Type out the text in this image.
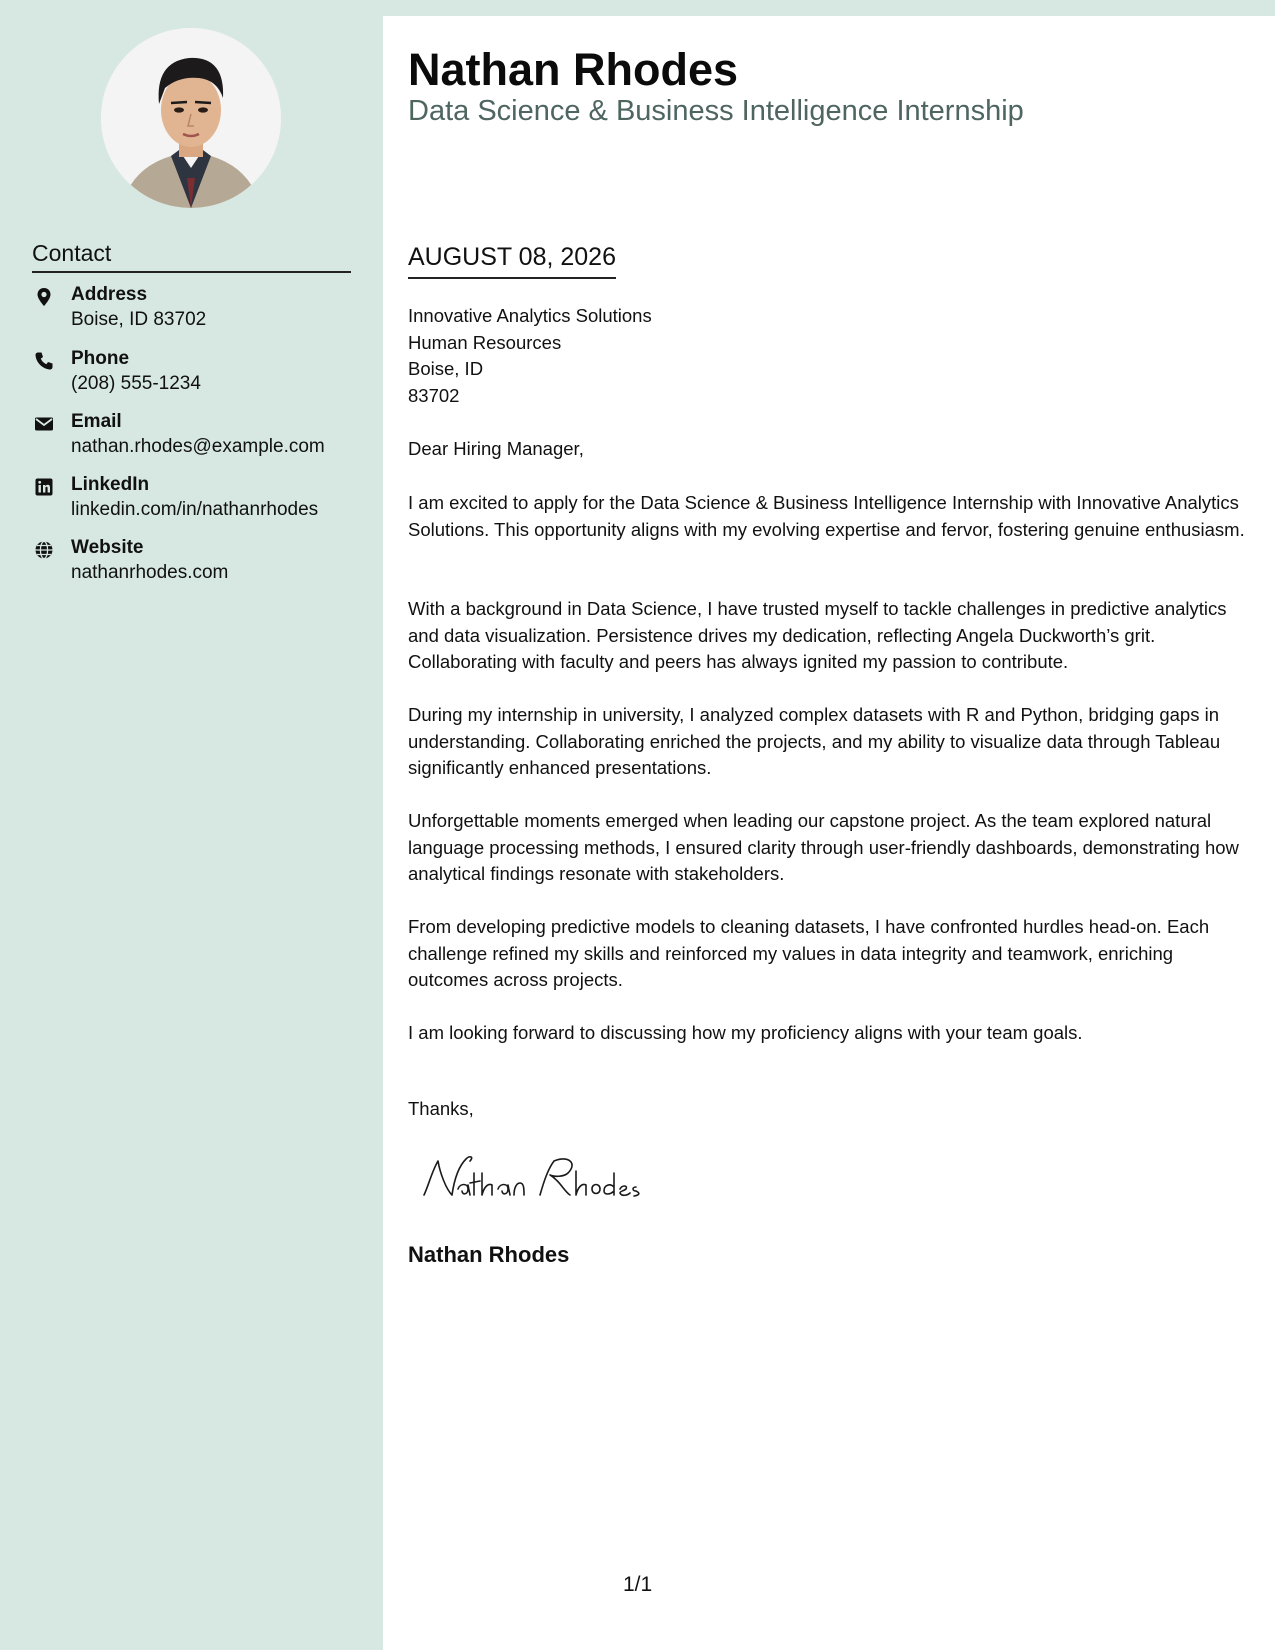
Contact
Address
Boise, ID 83702
Phone
(208) 555-1234
Email
nathan.rhodes@example.com
LinkedIn
linkedin.com/in/nathanrhodes
Website
nathanrhodes.com
Nathan Rhodes
Data Science & Business Intelligence Internship
AUGUST 08, 2026
Innovative Analytics Solutions
Human Resources
Boise, ID
83702
Dear Hiring Manager,
I am excited to apply for the Data Science & Business Intelligence Internship with Innovative Analytics Solutions. This opportunity aligns with my evolving expertise and fervor, fostering genuine enthusiasm.
With a background in Data Science, I have trusted myself to tackle challenges in predictive analytics and data visualization. Persistence drives my dedication, reflecting Angela Duckworth’s grit. Collaborating with faculty and peers has always ignited my passion to contribute.
During my internship in university, I analyzed complex datasets with R and Python, bridging gaps in understanding. Collaborating enriched the projects, and my ability to visualize data through Tableau significantly enhanced presentations.
Unforgettable moments emerged when leading our capstone project. As the team explored natural language processing methods, I ensured clarity through user-friendly dashboards, demonstrating how analytical findings resonate with stakeholders.
From developing predictive models to cleaning datasets, I have confronted hurdles head-on. Each challenge refined my skills and reinforced my values in data integrity and teamwork, enriching outcomes across projects.
I am looking forward to discussing how my proficiency aligns with your team goals.
Thanks,
Nathan Rhodes
1/1
